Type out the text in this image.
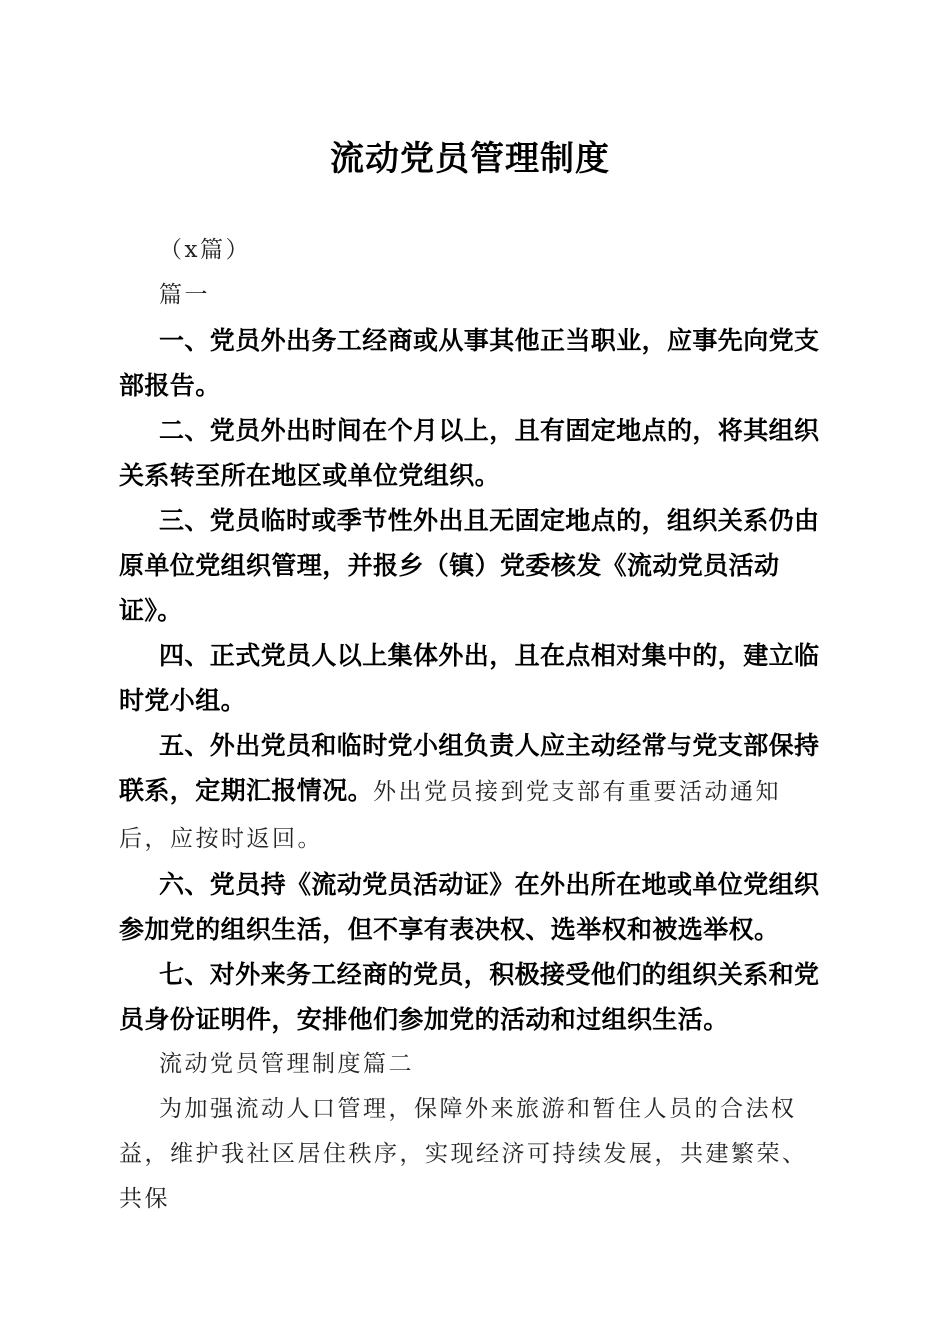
流动党员管理制度

（x篇）

篇一

一、党员外出务工经商或从事其他正当职业，应事先向党支部报告。

二、党员外出时间在个月以上，且有固定地点的，将其组织关系转至所在地区或单位党组织。

三、党员临时或季节性外出且无固定地点的，组织关系仍由原单位党组织管理，并报乡（镇）党委核发《流动党员活动证》。

四、正式党员人以上集体外出，且在点相对集中的，建立临时党小组。

五、外出党员和临时党小组负责人应主动经常与党支部保持联系，定期汇报情况。外出党员接到党支部有重要活动通知后，应按时返回。

六、党员持《流动党员活动证》在外出所在地或单位党组织参加党的组织生活，但不享有表决权、选举权和被选举权。

七、对外来务工经商的党员，积极接受他们的组织关系和党员身份证明件，安排他们参加党的活动和过组织生活。

流动党员管理制度篇二

为加强流动人口管理，保障外来旅游和暂住人员的合法权益，维护我社区居住秩序，实现经济可持续发展，共建繁荣、共保
